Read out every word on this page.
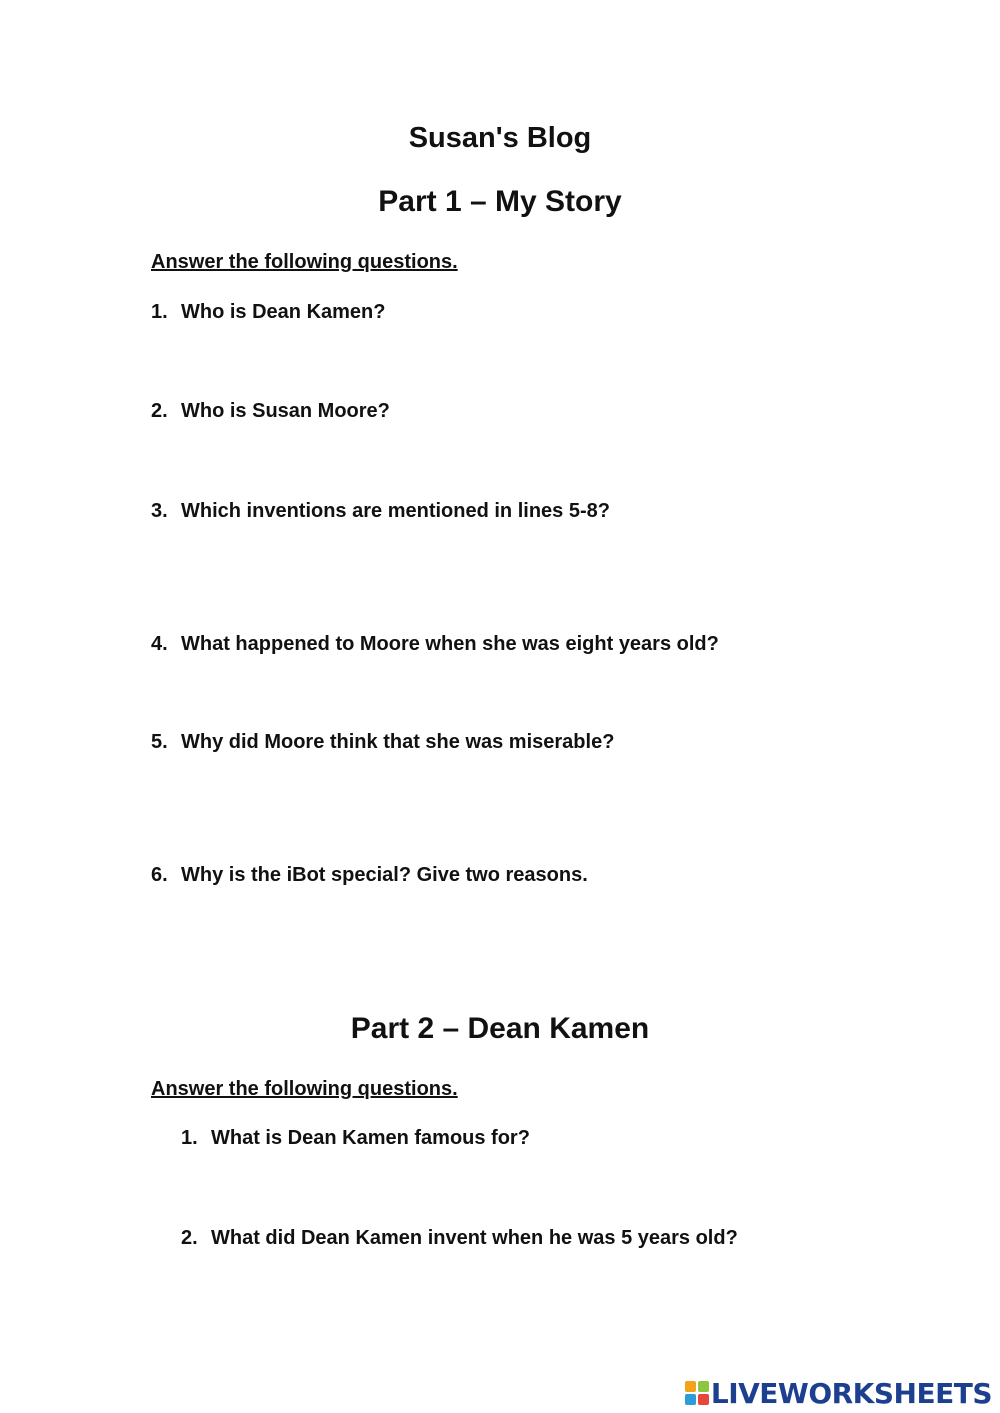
Susan's Blog
Part 1 – My Story

Answer the following questions.

1. Who is Dean Kamen?

2. Who is Susan Moore?

3. Which inventions are mentioned in lines 5-8?

4. What happened to Moore when she was eight years old?

5. Why did Moore think that she was miserable?

6. Why is the iBot special? Give two reasons.

Part 2 – Dean Kamen

Answer the following questions.

1. What is Dean Kamen famous for?

2. What did Dean Kamen invent when he was 5 years old?

LIVEWORKSHEETS
